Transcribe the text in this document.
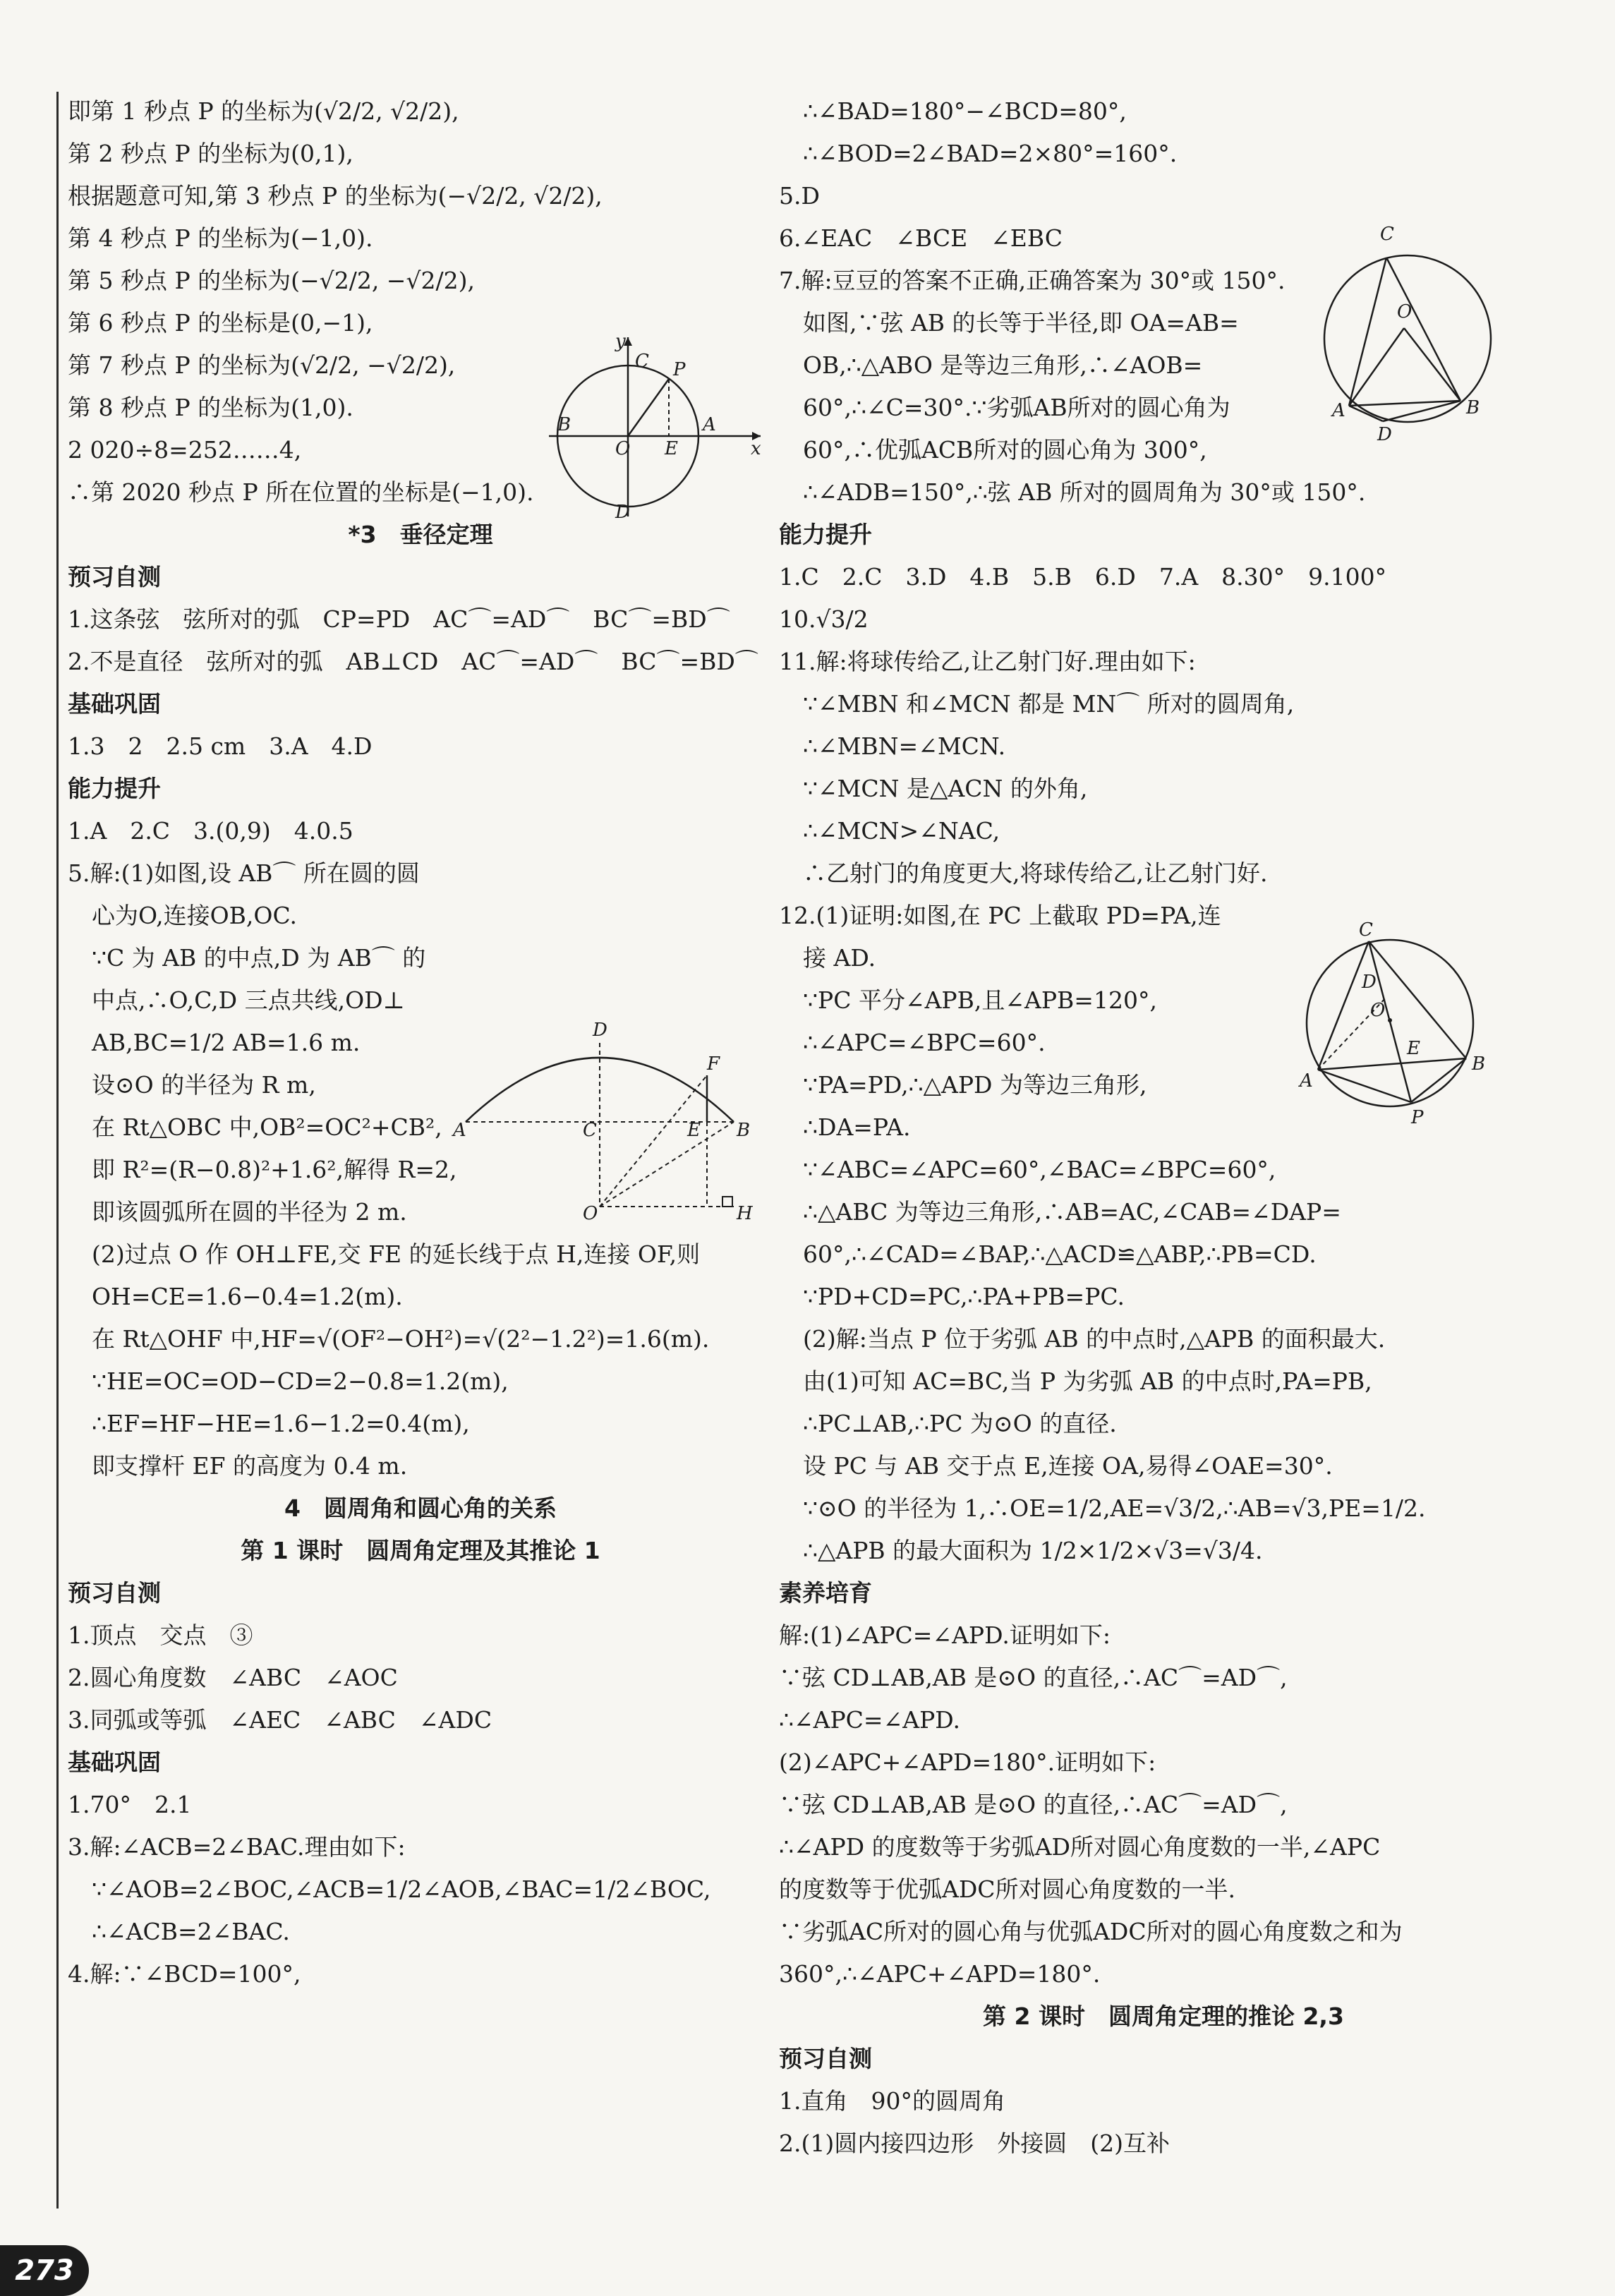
即第 1 秒点 P 的坐标为(√2/2, √2/2),
第 2 秒点 P 的坐标为(0,1),
根据题意可知,第 3 秒点 P 的坐标为(−√2/2, √2/2),
第 4 秒点 P 的坐标为(−1,0).
第 5 秒点 P 的坐标为(−√2/2, −√2/2),
第 6 秒点 P 的坐标是(0,−1),
第 7 秒点 P 的坐标为(√2/2, −√2/2),
第 8 秒点 P 的坐标为(1,0).
2 020÷8=252……4,
∴第 2020 秒点 P 所在位置的坐标是(−1,0).
*3　垂径定理
预习自测
1.这条弦　弦所对的弧　CP=PD　AC⌒=AD⌒　BC⌒=BD⌒
2.不是直径　弦所对的弧　AB⊥CD　AC⌒=AD⌒　BC⌒=BD⌒
基础巩固
1.3　2　2.5 cm　3.A　4.D
能力提升
1.A　2.C　3.(0,9)　4.0.5
5.解:(1)如图,设 AB⌒ 所在圆的圆
心为O,连接OB,OC.
∵C 为 AB 的中点,D 为 AB⌒ 的
中点,∴O,C,D 三点共线,OD⊥
AB,BC=1/2 AB=1.6 m.
设⊙O 的半径为 R m,
在 Rt△OBC 中,OB²=OC²+CB²,
即 R²=(R−0.8)²+1.6²,解得 R=2,
即该圆弧所在圆的半径为 2 m.
(2)过点 O 作 OH⊥FE,交 FE 的延长线于点 H,连接 OF,则
OH=CE=1.6−0.4=1.2(m).
在 Rt△OHF 中,HF=√(OF²−OH²)=√(2²−1.2²)=1.6(m).
∵HE=OC=OD−CD=2−0.8=1.2(m),
∴EF=HF−HE=1.6−1.2=0.4(m),
即支撑杆 EF 的高度为 0.4 m.
4　圆周角和圆心角的关系
第 1 课时　圆周角定理及其推论 1
预习自测
1.顶点　交点　③
2.圆心角度数　∠ABC　∠AOC
3.同弧或等弧　∠AEC　∠ABC　∠ADC
基础巩固
1.70°　2.1
3.解:∠ACB=2∠BAC.理由如下:
∵∠AOB=2∠BOC,∠ACB=1/2∠AOB,∠BAC=1/2∠BOC,
∴∠ACB=2∠BAC.
4.解:∵∠BCD=100°,
∴∠BAD=180°−∠BCD=80°,
∴∠BOD=2∠BAD=2×80°=160°.
5.D
6.∠EAC　∠BCE　∠EBC
7.解:豆豆的答案不正确,正确答案为 30°或 150°.
如图,∵弦 AB 的长等于半径,即 OA=AB=
OB,∴△ABO 是等边三角形,∴∠AOB=
60°,∴∠C=30°.∵劣弧AB所对的圆心角为
60°,∴优弧ACB所对的圆心角为 300°,
∴∠ADB=150°,∴弦 AB 所对的圆周角为 30°或 150°.
能力提升
1.C　2.C　3.D　4.B　5.B　6.D　7.A　8.30°　9.100°
10.√3/2
11.解:将球传给乙,让乙射门好.理由如下:
∵∠MBN 和∠MCN 都是 MN⌒ 所对的圆周角,
∴∠MBN=∠MCN.
∵∠MCN 是△ACN 的外角,
∴∠MCN>∠NAC,
∴乙射门的角度更大,将球传给乙,让乙射门好.
12.(1)证明:如图,在 PC 上截取 PD=PA,连
接 AD.
∵PC 平分∠APB,且∠APB=120°,
∴∠APC=∠BPC=60°.
∵PA=PD,∴△APD 为等边三角形,
∴DA=PA.
∵∠ABC=∠APC=60°,∠BAC=∠BPC=60°,
∴△ABC 为等边三角形,∴AB=AC,∠CAB=∠DAP=
60°,∴∠CAD=∠BAP,∴△ACD≌△ABP,∴PB=CD.
∵PD+CD=PC,∴PA+PB=PC.
(2)解:当点 P 位于劣弧 AB 的中点时,△APB 的面积最大.
由(1)可知 AC=BC,当 P 为劣弧 AB 的中点时,PA=PB,
∴PC⊥AB,∴PC 为⊙O 的直径.
设 PC 与 AB 交于点 E,连接 OA,易得∠OAE=30°.
∵⊙O 的半径为 1,∴OE=1/2,AE=√3/2,∴AB=√3,PE=1/2.
∴△APB 的最大面积为 1/2×1/2×√3=√3/4.
素养培育
解:(1)∠APC=∠APD.证明如下:
∵弦 CD⊥AB,AB 是⊙O 的直径,∴AC⌒=AD⌒,
∴∠APC=∠APD.
(2)∠APC+∠APD=180°.证明如下:
∵弦 CD⊥AB,AB 是⊙O 的直径,∴AC⌒=AD⌒,
∴∠APD 的度数等于劣弧AD所对圆心角度数的一半,∠APC
的度数等于优弧ADC所对圆心角度数的一半.
∵劣弧AC所对的圆心角与优弧ADC所对的圆心角度数之和为
360°,∴∠APC+∠APD=180°.
第 2 课时　圆周角定理的推论 2,3
预习自测
1.直角　90°的圆周角
2.(1)圆内接四边形　外接圆　(2)互补
y
C P
B
O E
A
x
D
D
F
A	C	E B
O	H
C
O
A
D
B
C
D
O
E
B
A
P
273
